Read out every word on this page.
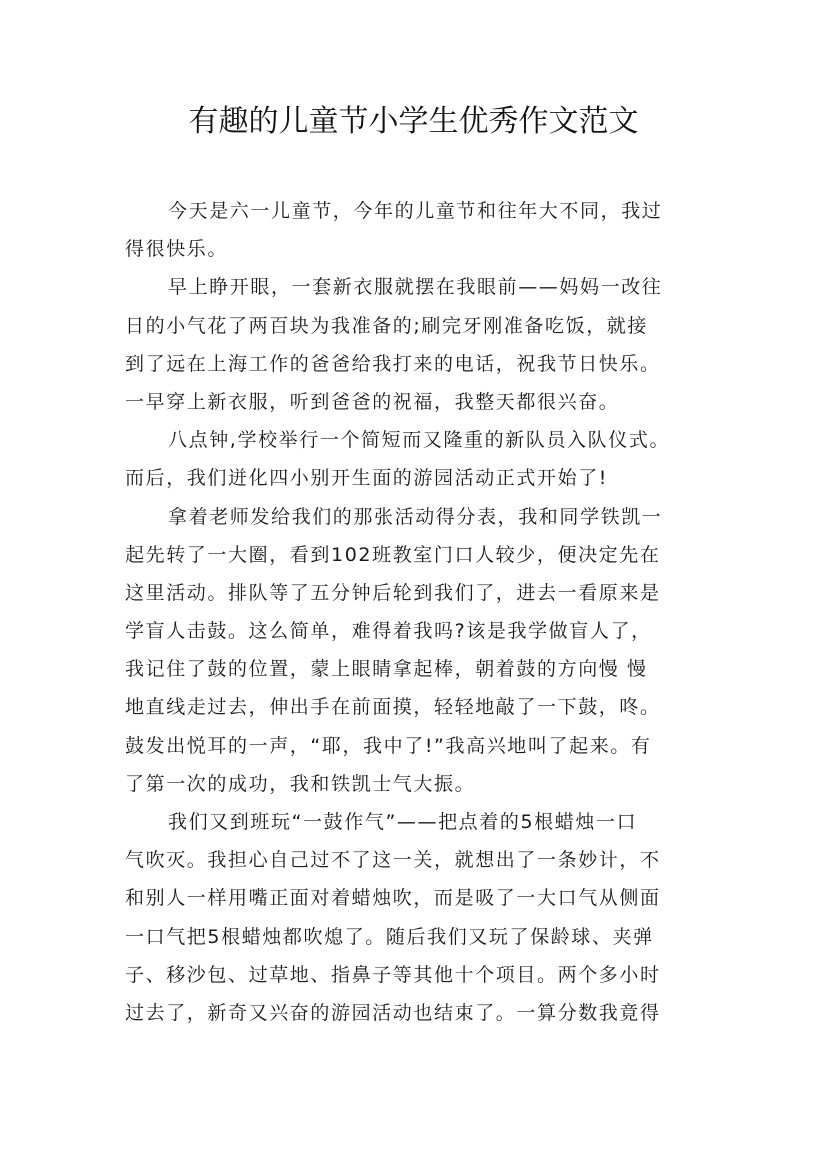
有趣的儿童节小学生优秀作文范文
今天是六一儿童节，今年的儿童节和往年大不同，我过
得很快乐。
早上睁开眼，一套新衣服就摆在我眼前——妈妈一改往
日的小气花了两百块为我准备的;刷完牙刚准备吃饭，就接
到了远在上海工作的爸爸给我打来的电话，祝我节日快乐。
一早穿上新衣服，听到爸爸的祝福，我整天都很兴奋。
八点钟,学校举行一个简短而又隆重的新队员入队仪式。
而后，我们迸化四小别开生面的游园活动正式开始了!
拿着老师发给我们的那张活动得分表，我和同学铁凯一
起先转了一大圈，看到102班教室门口人较少，便决定先在
这里活动。排队等了五分钟后轮到我们了，进去一看原来是
学盲人击鼓。这么简单，难得着我吗?该是我学做盲人了，
我记住了鼓的位置，蒙上眼睛拿起棒，朝着鼓的方向慢 慢
地直线走过去，伸出手在前面摸，轻轻地敲了一下鼓，咚。
鼓发出悦耳的一声，“耶，我中了!”我高兴地叫了起来。有
了第一次的成功，我和铁凯士气大振。
我们又到班玩“一鼓作气”——把点着的5根蜡烛一口
气吹灭。我担心自己过不了这一关，就想出了一条妙计，不
和别人一样用嘴正面对着蜡烛吹，而是吸了一大口气从侧面
一口气把5根蜡烛都吹熄了。随后我们又玩了保龄球、夹弹
子、移沙包、过草地、指鼻子等其他十个项目。两个多小时
过去了，新奇又兴奋的游园活动也结束了。一算分数我竟得
